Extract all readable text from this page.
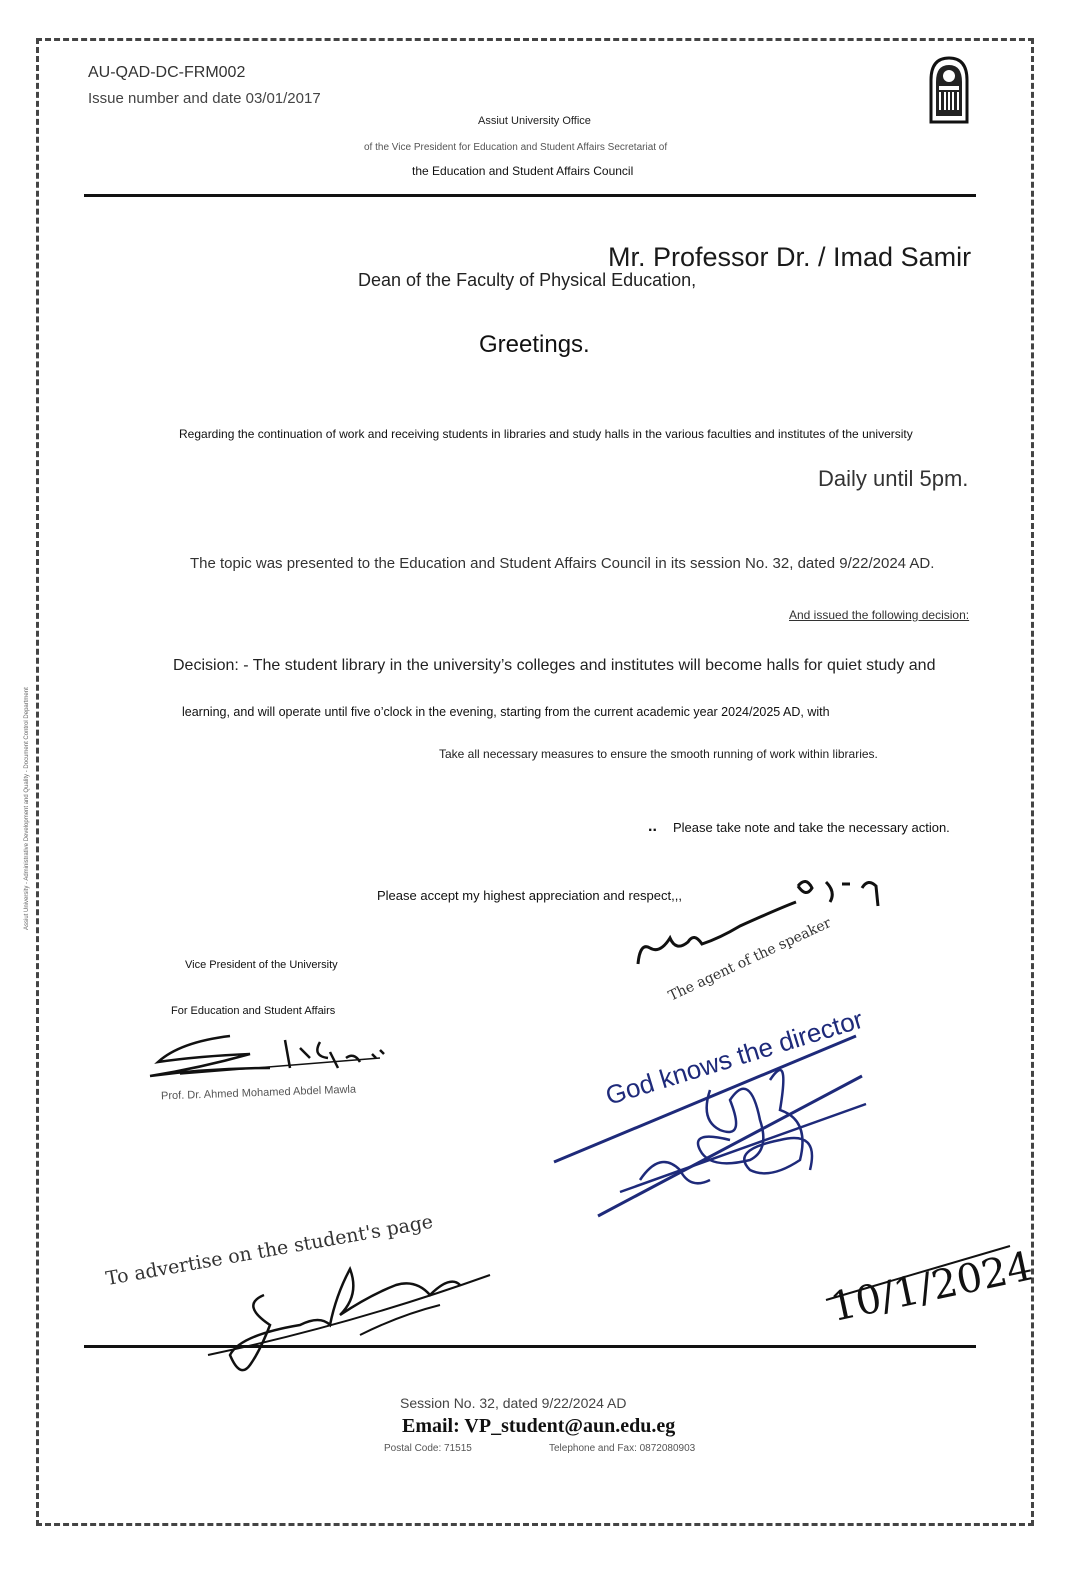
Assiut University - Administrative Development and Quality - Document Control Department
AU-QAD-DC-FRM002
Issue number and date 03/01/2017
Assiut University Office
of the Vice President for Education and Student Affairs Secretariat of
the Education and Student Affairs Council
Mr. Professor Dr. / Imad Samir
Dean of the Faculty of Physical Education,
Greetings.
Regarding the continuation of work and receiving students in libraries and study halls in the various faculties and institutes of the university
Daily until 5pm.
The topic was presented to the Education and Student Affairs Council in its session No. 32, dated 9/22/2024 AD.
And issued the following decision:
Decision: - The student library in the university’s colleges and institutes will become halls for quiet study and
learning, and will operate until five o’clock in the evening, starting from the current academic year 2024/2025 AD, with
Take all necessary measures to ensure the smooth running of work within libraries.
.. Please take note and take the necessary action.
Please accept my highest appreciation and respect,,,
Vice President of the University
For Education and Student Affairs
Prof. Dr. Ahmed Mohamed Abdel Mawla
The agent of the speaker
God knows the director
To advertise on the student's page	10/1/2024
Session No. 32, dated 9/22/2024 AD
Email: VP_student@aun.edu.eg
Postal Code: 71515	Telephone and Fax: 0872080903
